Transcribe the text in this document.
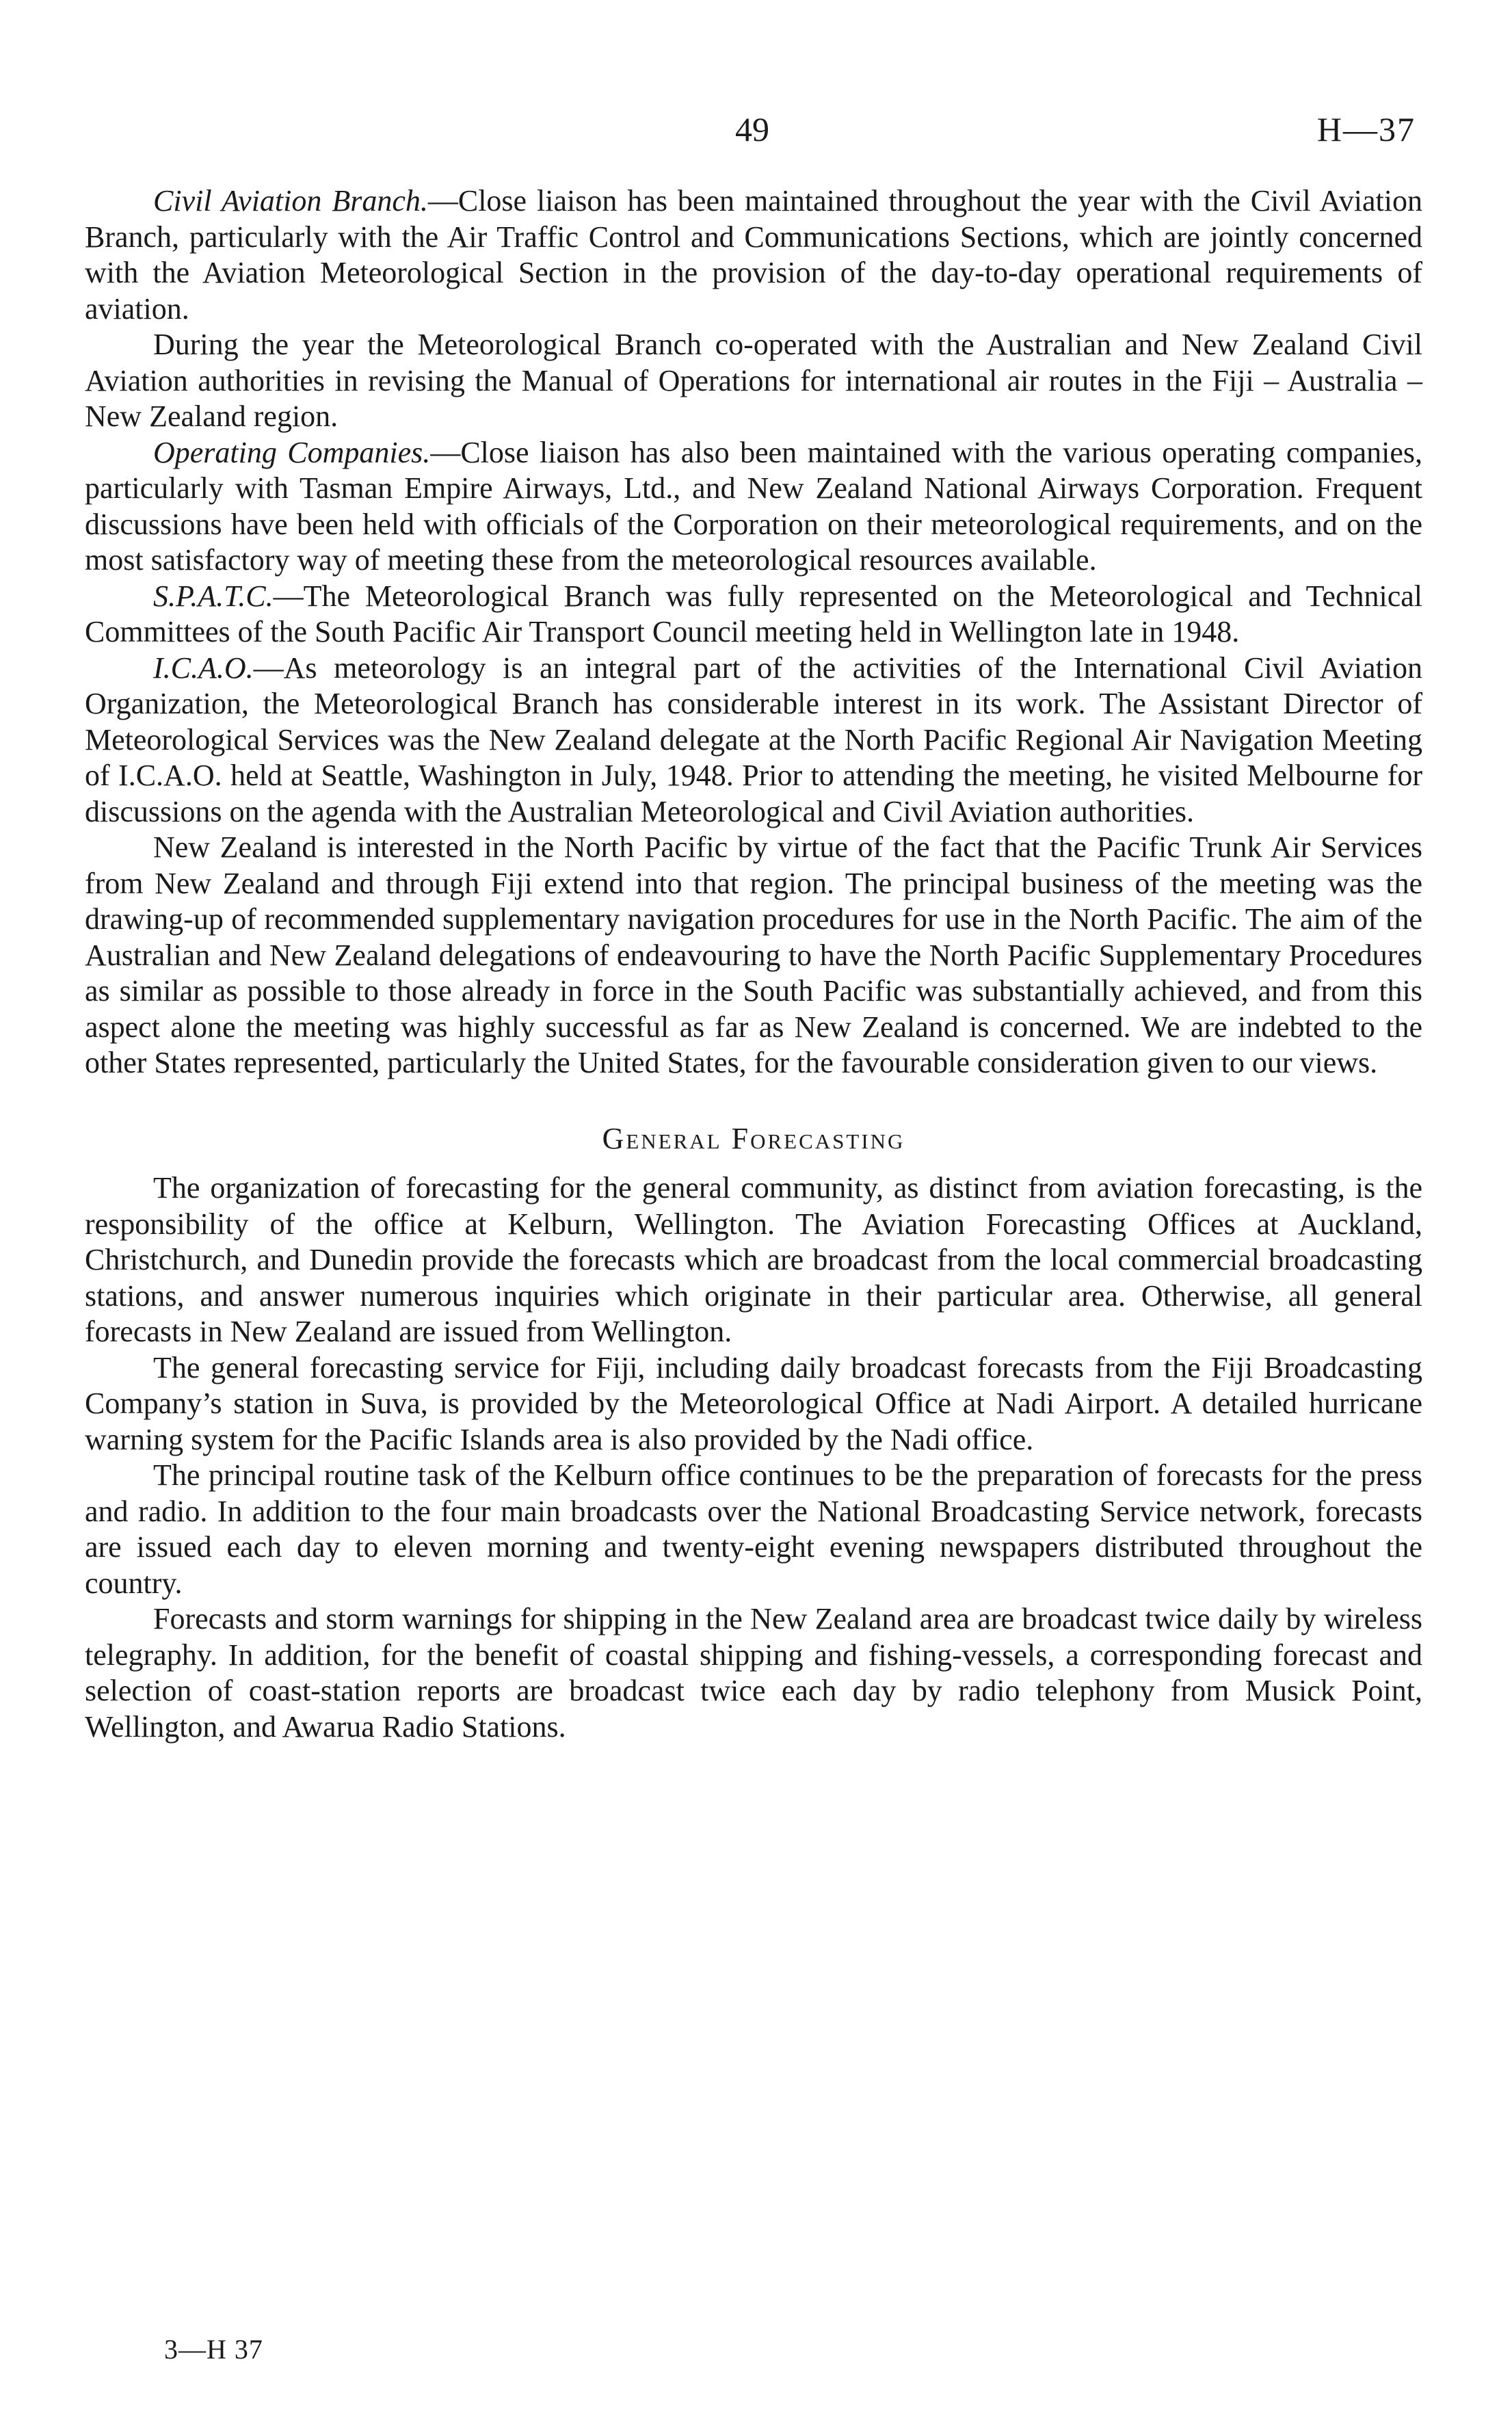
49	H—37

Civil Aviation Branch.—Close liaison has been maintained throughout the year with the Civil Aviation Branch, particularly with the Air Traffic Control and Communications Sections, which are jointly concerned with the Aviation Meteorological Section in the provision of the day-to-day operational requirements of aviation.

During the year the Meteorological Branch co-operated with the Australian and New Zealand Civil Aviation authorities in revising the Manual of Operations for international air routes in the Fiji – Australia – New Zealand region.

Operating Companies.—Close liaison has also been maintained with the various operating companies, particularly with Tasman Empire Airways, Ltd., and New Zealand National Airways Corporation. Frequent discussions have been held with officials of the Corporation on their meteorological requirements, and on the most satisfactory way of meeting these from the meteorological resources available.

S.P.A.T.C.—The Meteorological Branch was fully represented on the Meteorological and Technical Committees of the South Pacific Air Transport Council meeting held in Wellington late in 1948.

I.C.A.O.—As meteorology is an integral part of the activities of the International Civil Aviation Organization, the Meteorological Branch has considerable interest in its work. The Assistant Director of Meteorological Services was the New Zealand delegate at the North Pacific Regional Air Navigation Meeting of I.C.A.O. held at Seattle, Washington in July, 1948. Prior to attending the meeting, he visited Melbourne for discussions on the agenda with the Australian Meteorological and Civil Aviation authorities.

New Zealand is interested in the North Pacific by virtue of the fact that the Pacific Trunk Air Services from New Zealand and through Fiji extend into that region. The principal business of the meeting was the drawing-up of recommended supplementary navigation procedures for use in the North Pacific. The aim of the Australian and New Zealand delegations of endeavouring to have the North Pacific Supplementary Procedures as similar as possible to those already in force in the South Pacific was substantially achieved, and from this aspect alone the meeting was highly successful as far as New Zealand is concerned. We are indebted to the other States represented, particularly the United States, for the favourable consideration given to our views.

General Forecasting

The organization of forecasting for the general community, as distinct from aviation forecasting, is the responsibility of the office at Kelburn, Wellington. The Aviation Forecasting Offices at Auckland, Christchurch, and Dunedin provide the forecasts which are broadcast from the local commercial broadcasting stations, and answer numerous inquiries which originate in their particular area. Otherwise, all general forecasts in New Zealand are issued from Wellington.

The general forecasting service for Fiji, including daily broadcast forecasts from the Fiji Broadcasting Company’s station in Suva, is provided by the Meteorological Office at Nadi Airport. A detailed hurricane warning system for the Pacific Islands area is also provided by the Nadi office.

The principal routine task of the Kelburn office continues to be the preparation of forecasts for the press and radio. In addition to the four main broadcasts over the National Broadcasting Service network, forecasts are issued each day to eleven morning and twenty-eight evening newspapers distributed throughout the country.

Forecasts and storm warnings for shipping in the New Zealand area are broadcast twice daily by wireless telegraphy. In addition, for the benefit of coastal shipping and fishing-vessels, a corresponding forecast and selection of coast-station reports are broadcast twice each day by radio telephony from Musick Point, Wellington, and Awarua Radio Stations.

3—H 37
